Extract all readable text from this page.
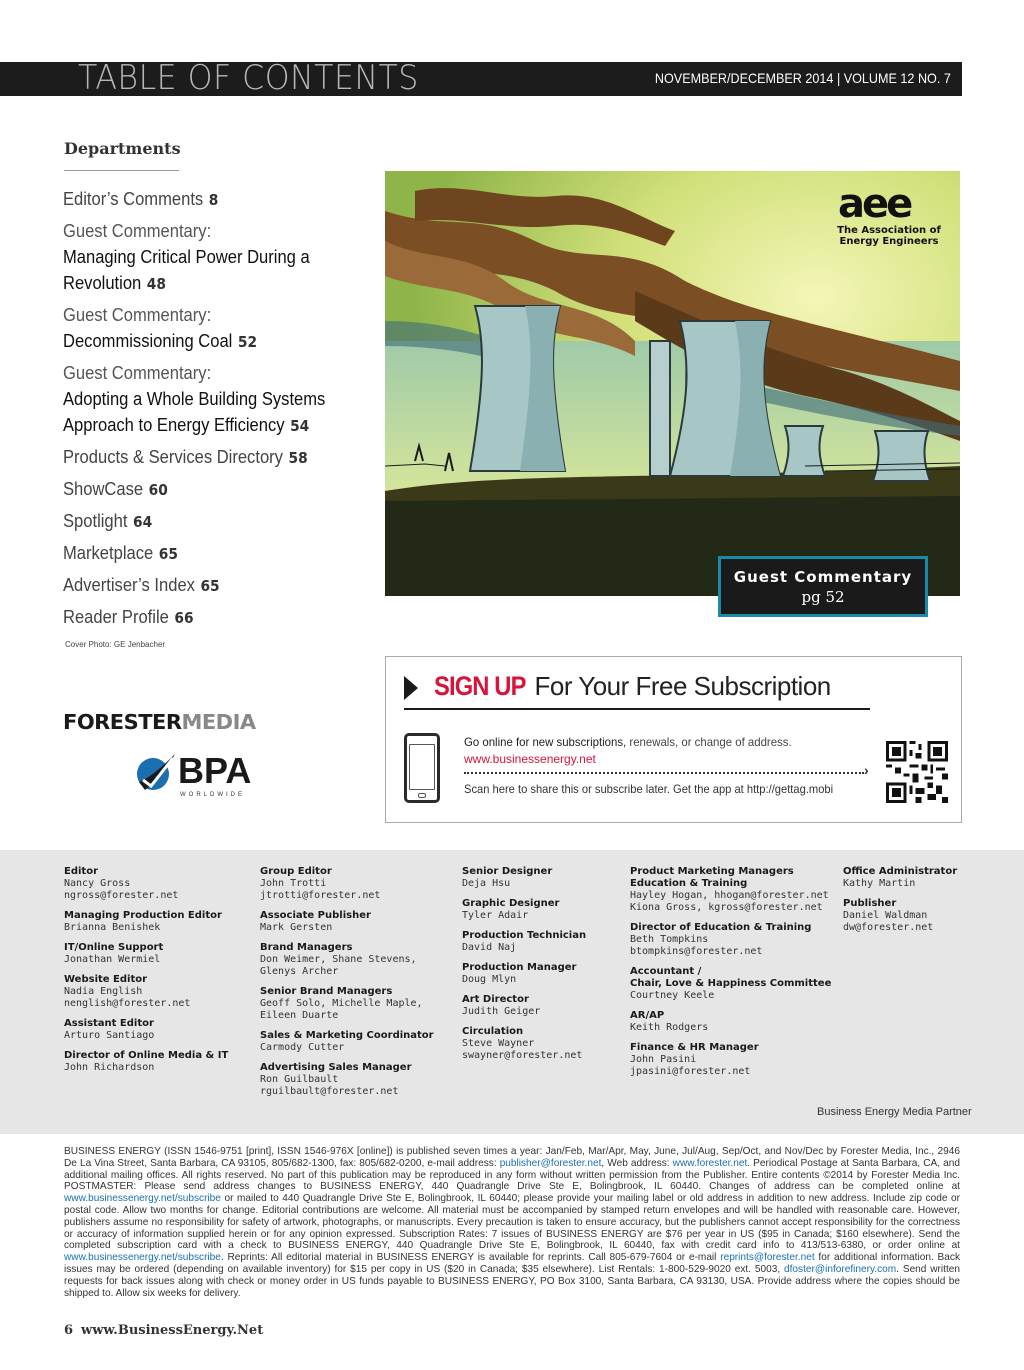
TABLE OF CONTENTS	NOVEMBER/DECEMBER 2014 | VOLUME 12 NO. 7
Departments
Editor’s Comments 8
Guest Commentary:
Managing Critical Power During a
Revolution 48
Guest Commentary:
Decommissioning Coal 52
Guest Commentary:
Adopting a Whole Building Systems
Approach to Energy Efficiency 54
Products & Services Directory 58
ShowCase 60
Spotlight 64
Marketplace 65
Advertiser’s Index 65
Reader Profile 66
Cover Photo: GE Jenbacher
Guest Commentary
pg 52
FORESTERMEDIA
BPA
WORLDWIDE
SIGN UP For Your Free Subscription
Go online for new subscriptions, renewals, or change of address.
www.businessenergy.net
›
Scan here to share this or subscribe later. Get the app at http://gettag.mobi
Editor
Nancy Gross
ngross@forester.net
Managing Production Editor
Brianna Benishek
IT/Online Support
Jonathan Wermiel
Website Editor
Nadia English
nenglish@forester.net
Assistant Editor
Arturo Santiago
Director of Online Media & IT
John Richardson
Group Editor
John Trotti
jtrotti@forester.net
Associate Publisher
Mark Gersten
Brand Managers
Don Weimer, Shane Stevens,
Glenys Archer
Senior Brand Managers
Geoff Solo, Michelle Maple,
Eileen Duarte
Sales & Marketing Coordinator
Carmody Cutter
Advertising Sales Manager
Ron Guilbault
rguilbault@forester.net
Senior Designer
Deja Hsu
Graphic Designer
Tyler Adair
Production Technician
David Naj
Production Manager
Doug Mlyn
Art Director
Judith Geiger
Circulation
Steve Wayner
swayner@forester.net
Product Marketing Managers
Education & Training
Hayley Hogan, hhogan@forester.net
Kiona Gross, kgross@forester.net
Director of Education & Training
Beth Tompkins
btompkins@forester.net
Accountant /
Chair, Love & Happiness Committee
Courtney Keele
AR/AP
Keith Rodgers
Finance & HR Manager
John Pasini
jpasini@forester.net
Office Administrator
Kathy Martin
Publisher
Daniel Waldman
dw@forester.net
aee
The Association of Energy Engineers
Business Energy Media Partner
BUSINESS ENERGY (ISSN 1546-9751 [print], ISSN 1546-976X [online]) is published seven times a year: Jan/Feb, Mar/Apr, May, June, Jul/Aug, Sep/Oct, and Nov/Dec by Forester Media, Inc., 2946 De La Vina Street, Santa Barbara, CA 93105, 805/682-1300, fax: 805/682-0200, e-mail address: publisher@forester.net, Web address: www.forester.net. Periodical Postage at Santa Barbara, CA, and additional mailing offices. All rights reserved. No part of this publication may be reproduced in any form without written permission from the Publisher. Entire contents ©2014 by Forester Media Inc. POSTMASTER: Please send address changes to BUSINESS ENERGY, 440 Quadrangle Drive Ste E, Bolingbrook, IL 60440. Changes of address can be completed online at www.businessenergy.net/subscribe or mailed to 440 Quadrangle Drive Ste E, Bolingbrook, IL 60440; please provide your mailing label or old address in addition to new address. Include zip code or postal code. Allow two months for change. Editorial contributions are welcome. All material must be accompanied by stamped return envelopes and will be handled with reasonable care. However, publishers assume no responsibility for safety of artwork, photographs, or manuscripts. Every precaution is taken to ensure accuracy, but the publishers cannot accept responsibility for the correctness or accuracy of information supplied herein or for any opinion expressed. Subscription Rates: 7 issues of BUSINESS ENERGY are $76 per year in US ($95 in Canada; $160 elsewhere). Send the completed subscription card with a check to BUSINESS ENERGY, 440 Quadrangle Drive Ste E, Bolingbrook, IL 60440, fax with credit card info to 413/513-6380, or order online at www.businessenergy.net/subscribe. Reprints: All editorial material in BUSINESS ENERGY is available for reprints. Call 805-679-7604 or e-mail reprints@forester.net for additional information. Back issues may be ordered (depending on available inventory) for $15 per copy in US ($20 in Canada; $35 elsewhere). List Rentals: 1-800-529-9020 ext. 5003, dfoster@inforefinery.com. Send written requests for back issues along with check or money order in US funds payable to BUSINESS ENERGY, PO Box 3100, Santa Barbara, CA 93130, USA. Provide address where the copies should be shipped to. Allow six weeks for delivery.
6 www.BusinessEnergy.Net
